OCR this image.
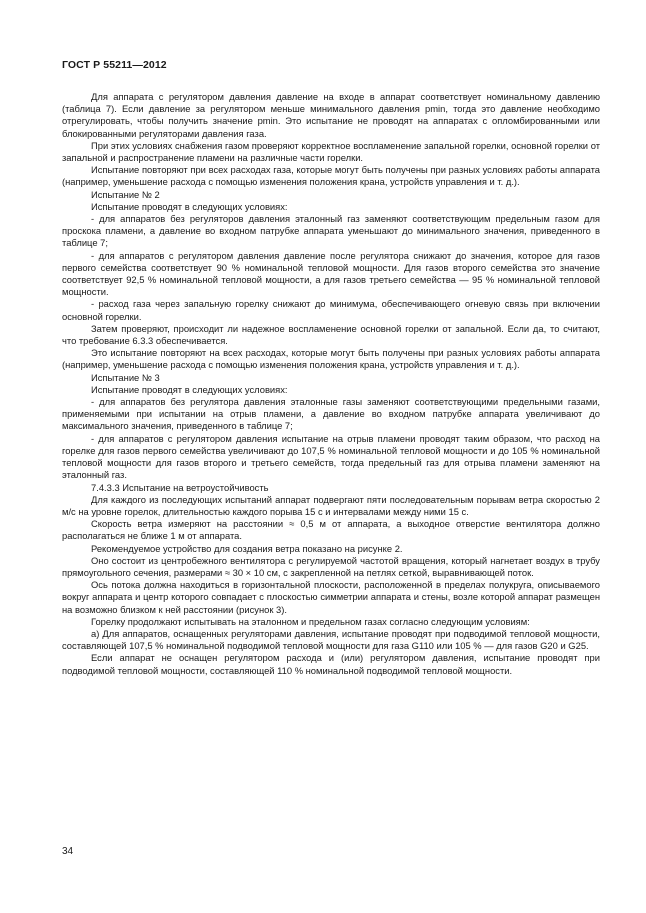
ГОСТ Р 55211—2012

Для аппарата с регулятором давления давление на входе в аппарат соответствует номинальному давлению (таблица 7). Если давление за регулятором меньше минимального давления pmin, тогда это давление необходимо отрегулировать, чтобы получить значение pmin. Это испытание не проводят на аппаратах с опломбированными или блокированными регуляторами давления газа.

При этих условиях снабжения газом проверяют корректное воспламенение запальной горелки, основной горелки от запальной и распространение пламени на различные части горелки.

Испытание повторяют при всех расходах газа, которые могут быть получены при разных условиях работы аппарата (например, уменьшение расхода с помощью изменения положения крана, устройств управления и т. д.).

Испытание № 2

Испытание проводят в следующих условиях:

- для аппаратов без регуляторов давления эталонный газ заменяют соответствующим предельным газом для проскока пламени, а давление во входном патрубке аппарата уменьшают до минимального значения, приведенного в таблице 7;

- для аппаратов с регулятором давления давление после регулятора снижают до значения, которое для газов первого семейства соответствует 90 % номинальной тепловой мощности. Для газов второго семейства это значение соответствует 92,5 % номинальной тепловой мощности, а для газов третьего семейства — 95 % номинальной тепловой мощности.

- расход газа через запальную горелку снижают до минимума, обеспечивающего огневую связь при включении основной горелки.

Затем проверяют, происходит ли надежное воспламенение основной горелки от запальной. Если да, то считают, что требование 6.3.3 обеспечивается.

Это испытание повторяют на всех расходах, которые могут быть получены при разных условиях работы аппарата (например, уменьшение расхода с помощью изменения положения крана, устройств управления и т. д.).

Испытание № 3

Испытание проводят в следующих условиях:

- для аппаратов без регулятора давления эталонные газы заменяют соответствующими предельными газами, применяемыми при испытании на отрыв пламени, а давление во входном патрубке аппарата увеличивают до максимального значения, приведенного в таблице 7;

- для аппаратов с регулятором давления испытание на отрыв пламени проводят таким образом, что расход на горелке для газов первого семейства увеличивают до 107,5 % номинальной тепловой мощности и до 105 % номинальной тепловой мощности для газов второго и третьего семейств, тогда предельный газ для отрыва пламени заменяют на эталонный газ.

7.4.3.3 Испытание на ветроустойчивость

Для каждого из последующих испытаний аппарат подвергают пяти последовательным порывам ветра скоростью 2 м/с на уровне горелок, длительностью каждого порыва 15 с и интервалами между ними 15 с.

Скорость ветра измеряют на расстоянии ≈ 0,5 м от аппарата, а выходное отверстие вентилятора должно располагаться не ближе 1 м от аппарата.

Рекомендуемое устройство для создания ветра показано на рисунке 2.

Оно состоит из центробежного вентилятора с регулируемой частотой вращения, который нагнетает воздух в трубу прямоугольного сечения, размерами ≈ 30 × 10 см, с закрепленной на петлях сеткой, выравнивающей поток.

Ось потока должна находиться в горизонтальной плоскости, расположенной в пределах полукруга, описываемого вокруг аппарата и центр которого совпадает с плоскостью симметрии аппарата и стены, возле которой аппарат размещен на возможно близком к ней расстоянии (рисунок 3).

Горелку продолжают испытывать на эталонном и предельном газах согласно следующим условиям:

а) Для аппаратов, оснащенных регуляторами давления, испытание проводят при подводимой тепловой мощности, составляющей 107,5 % номинальной подводимой тепловой мощности для газа G110 или 105 % — для газов G20 и G25.

Если аппарат не оснащен регулятором расхода и (или) регулятором давления, испытание проводят при подводимой тепловой мощности, составляющей 110 % номинальной подводимой тепловой мощности.

34
